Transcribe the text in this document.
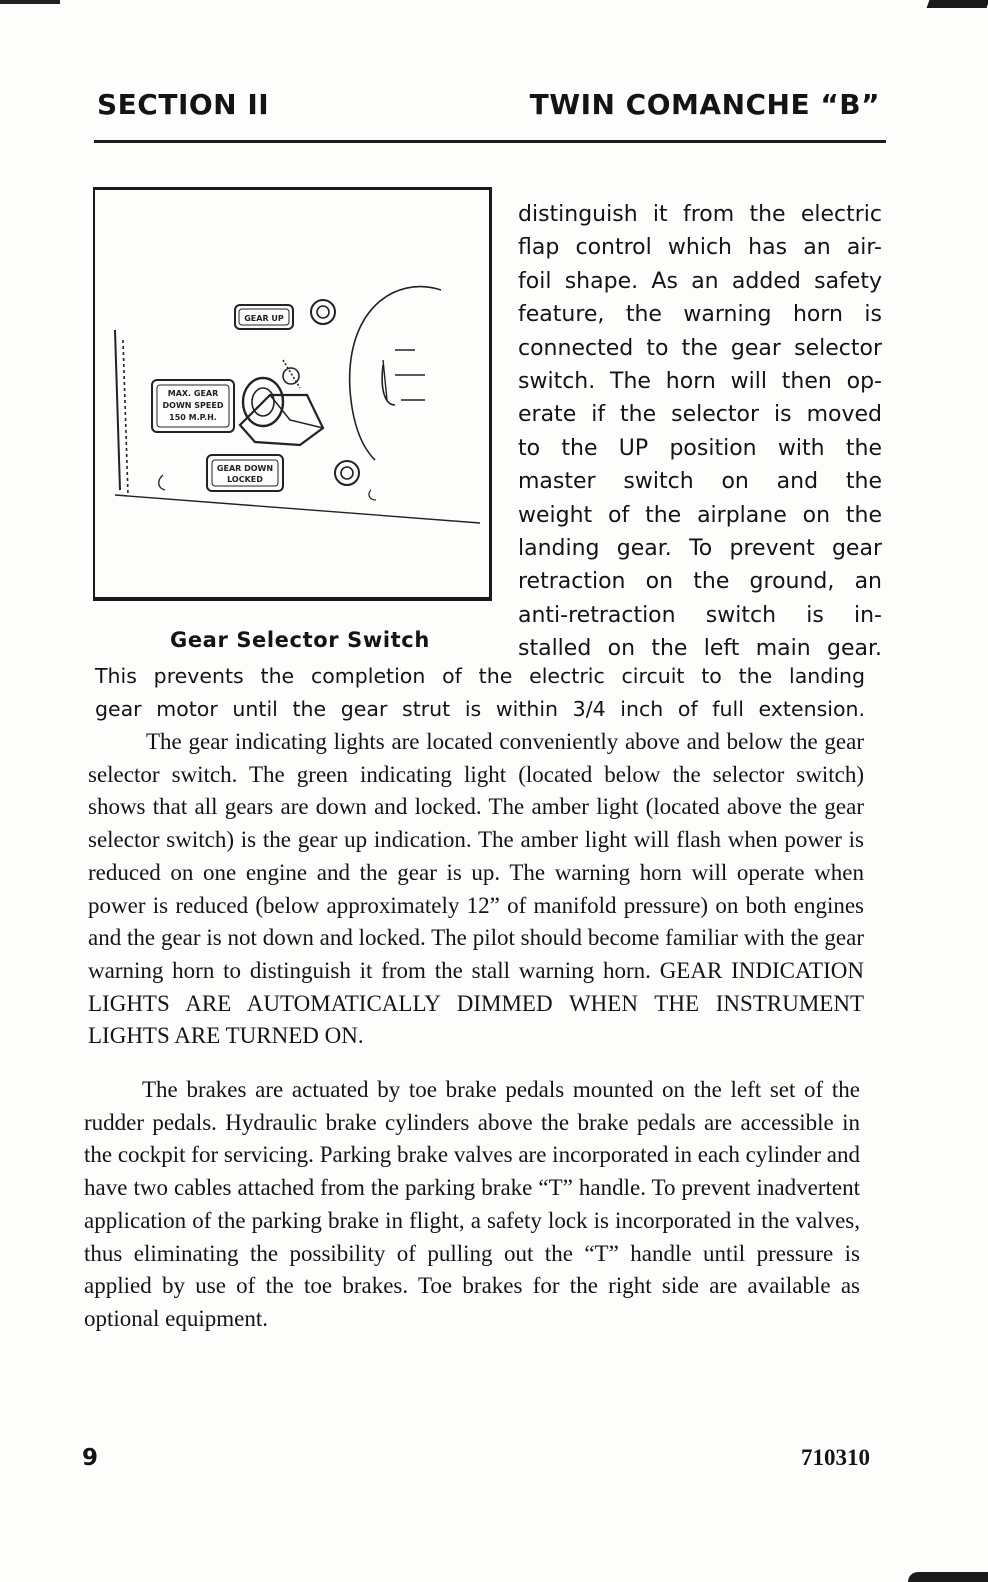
SECTION II	TWIN COMANCHE “B”
GEAR UP
MAX. GEAR
DOWN SPEED
150 M.P.H.
GEAR DOWN
LOCKED
Gear Selector Switch
distinguish it from the electric
flap control which has an air-
foil shape. As an added safety
feature, the warning horn is
connected to the gear selector
switch. The horn will then op-
erate if the selector is moved
to the UP position with the
master switch on and the
weight of the airplane on the
landing gear. To prevent gear
retraction on the ground, an
anti-retraction switch is in-
stalled on the left main gear.
This prevents the completion of the electric circuit to the landing
gear motor until the gear strut is within 3/4 inch of full extension.

The gear indicating lights are located conveniently above and below the gear selector switch. The green indicating light (located below the selector switch) shows that all gears are down and locked. The amber light (located above the gear selector switch) is the gear up indication. The amber light will flash when power is reduced on one engine and the gear is up. The warning horn will operate when power is reduced (below approximately 12” of manifold pressure) on both engines and the gear is not down and locked. The pilot should become familiar with the gear warning horn to distinguish it from the stall warning horn. GEAR INDICATION LIGHTS ARE AUTOMATICALLY DIMMED WHEN THE INSTRUMENT LIGHTS ARE TURNED ON.

The brakes are actuated by toe brake pedals mounted on the left set of the rudder pedals. Hydraulic brake cylinders above the brake pedals are accessible in the cockpit for servicing. Parking brake valves are incorporated in each cylinder and have two cables attached from the parking brake “T” handle. To prevent inadvertent application of the parking brake in flight, a safety lock is incorporated in the valves, thus eliminating the possibility of pulling out the “T” handle until pressure is applied by use of the toe brakes. Toe brakes for the right side are available as optional equipment.

9	710310
